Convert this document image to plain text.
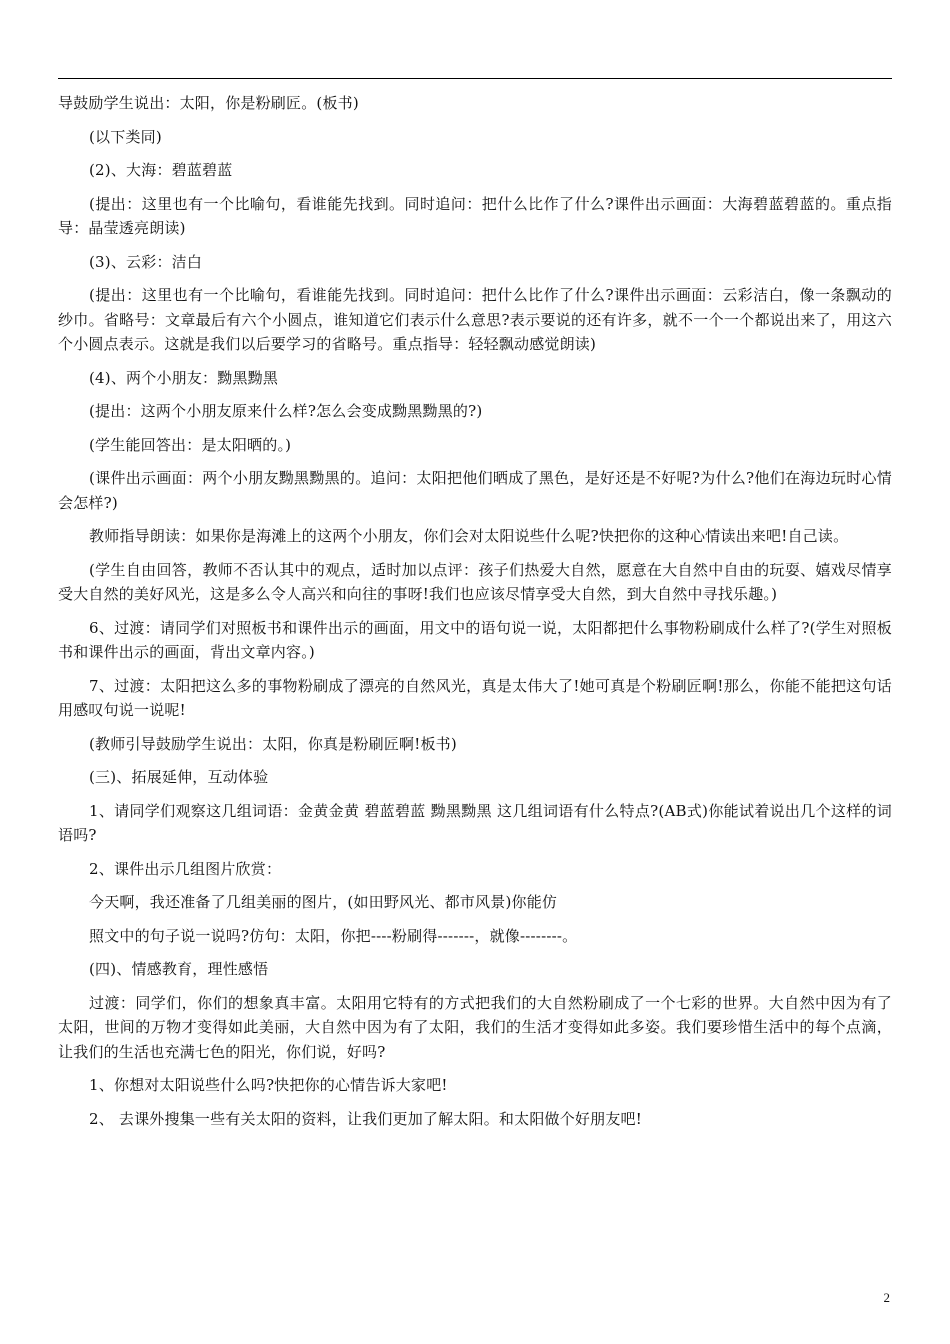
导鼓励学生说出：太阳，你是粉刷匠。(板书)

(以下类同)

(2)、大海：碧蓝碧蓝

(提出：这里也有一个比喻句，看谁能先找到。同时追问：把什么比作了什么?课件出示画面：大海碧蓝碧蓝的。重点指导：晶莹透亮朗读)

(3)、云彩：洁白

(提出：这里也有一个比喻句，看谁能先找到。同时追问：把什么比作了什么?课件出示画面：云彩洁白，像一条飘动的纱巾。省略号：文章最后有六个小圆点，谁知道它们表示什么意思?表示要说的还有许多，就不一个一个都说出来了，用这六个小圆点表示。这就是我们以后要学习的省略号。重点指导：轻轻飘动感觉朗读)

(4)、两个小朋友：黝黑黝黑

(提出：这两个小朋友原来什么样?怎么会变成黝黑黝黑的?)

(学生能回答出：是太阳晒的。)

(课件出示画面：两个小朋友黝黑黝黑的。追问：太阳把他们晒成了黑色，是好还是不好呢?为什么?他们在海边玩时心情会怎样?)

教师指导朗读：如果你是海滩上的这两个小朋友，你们会对太阳说些什么呢?快把你的这种心情读出来吧!自己读。

(学生自由回答，教师不否认其中的观点，适时加以点评：孩子们热爱大自然，愿意在大自然中自由的玩耍、嬉戏尽情享受大自然的美好风光，这是多么令人高兴和向往的事呀!我们也应该尽情享受大自然，到大自然中寻找乐趣。)

6、过渡：请同学们对照板书和课件出示的画面，用文中的语句说一说，太阳都把什么事物粉刷成什么样了?(学生对照板书和课件出示的画面，背出文章内容。)

7、过渡：太阳把这么多的事物粉刷成了漂亮的自然风光，真是太伟大了!她可真是个粉刷匠啊!那么，你能不能把这句话用感叹句说一说呢!

(教师引导鼓励学生说出：太阳，你真是粉刷匠啊!板书)

(三)、拓展延伸，互动体验

1、请同学们观察这几组词语：金黄金黄 碧蓝碧蓝 黝黑黝黑 这几组词语有什么特点?(AB式)你能试着说出几个这样的词语吗?

2、课件出示几组图片欣赏：

今天啊，我还准备了几组美丽的图片，(如田野风光、都市风景)你能仿

照文中的句子说一说吗?仿句：太阳，你把----粉刷得-------，就像--------。

(四)、情感教育，理性感悟

过渡：同学们，你们的想象真丰富。太阳用它特有的方式把我们的大自然粉刷成了一个七彩的世界。大自然中因为有了太阳，世间的万物才变得如此美丽，大自然中因为有了太阳，我们的生活才变得如此多姿。我们要珍惜生活中的每个点滴，让我们的生活也充满七色的阳光，你们说，好吗?

1、你想对太阳说些什么吗?快把你的心情告诉大家吧!

2、 去课外搜集一些有关太阳的资料，让我们更加了解太阳。和太阳做个好朋友吧!

2
